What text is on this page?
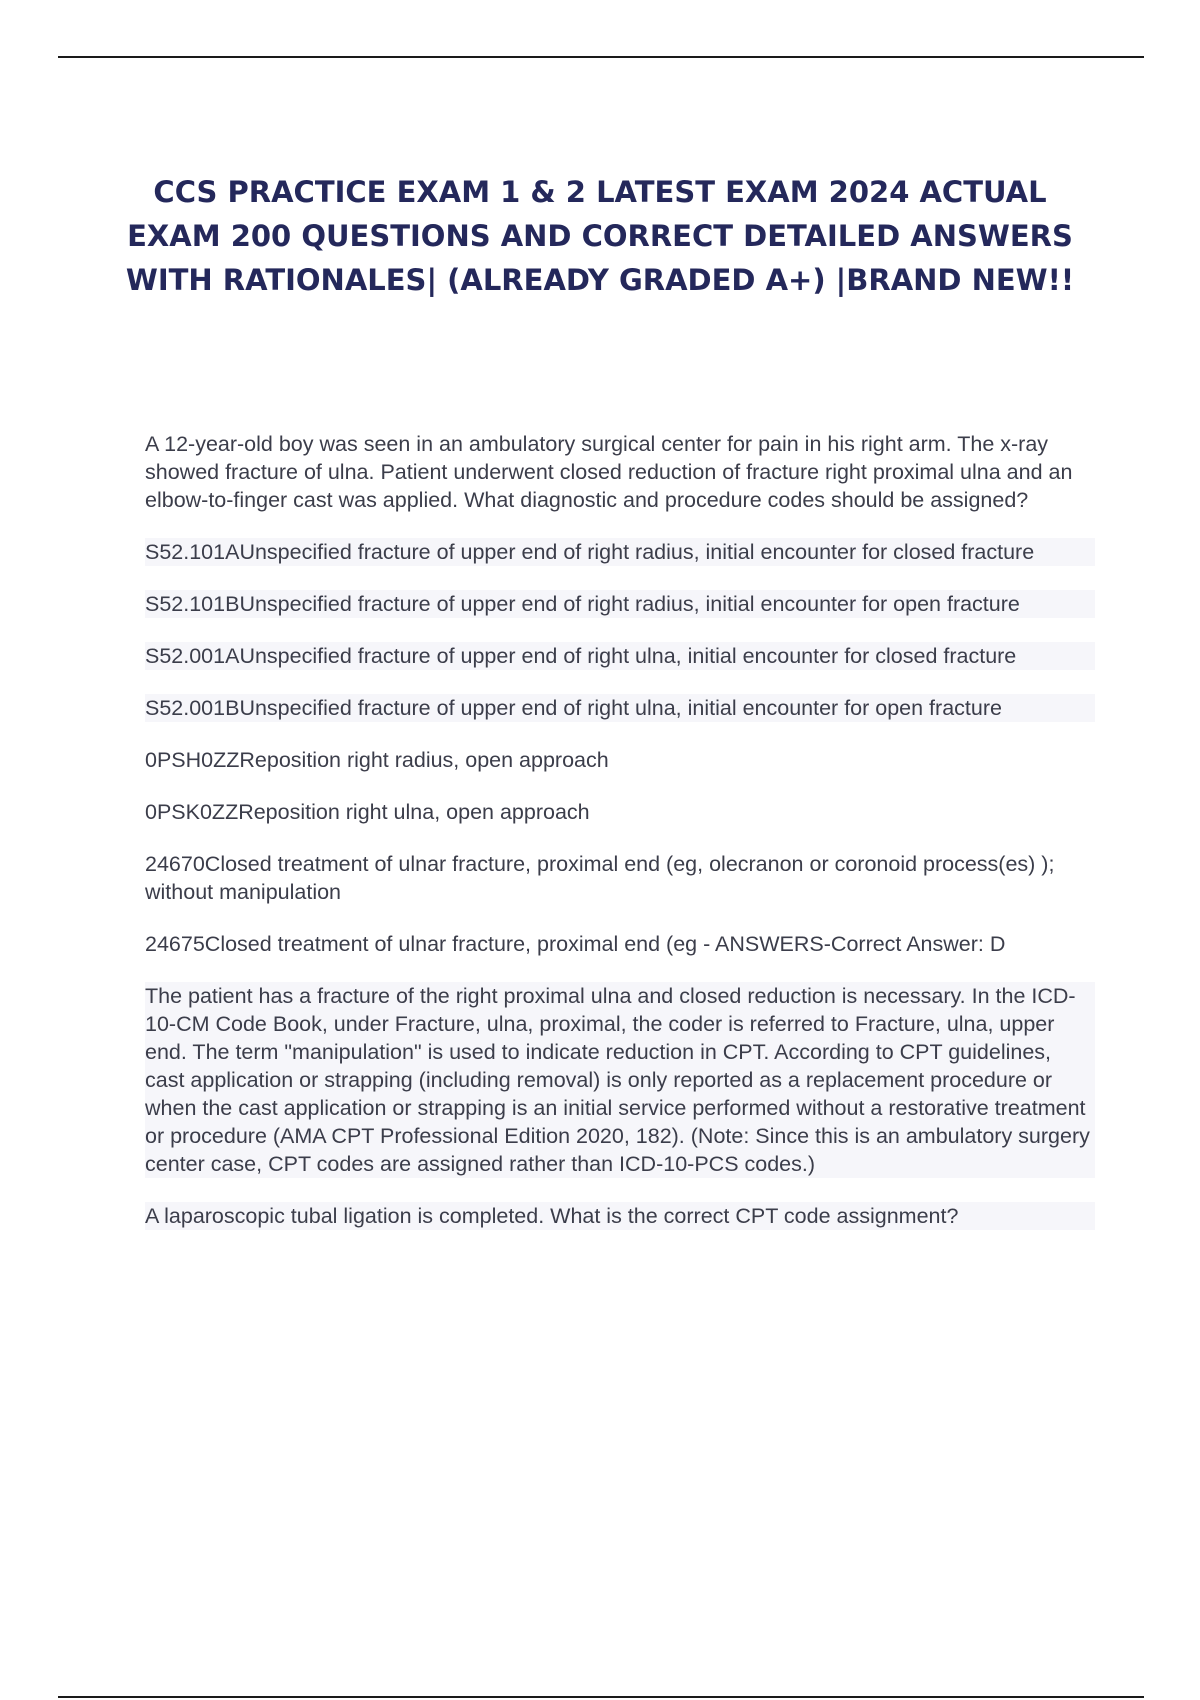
CCS PRACTICE EXAM 1 & 2 LATEST EXAM 2024 ACTUAL EXAM 200 QUESTIONS AND CORRECT DETAILED ANSWERS WITH RATIONALES| (ALREADY GRADED A+) |BRAND NEW!!

A 12-year-old boy was seen in an ambulatory surgical center for pain in his right arm. The x-ray showed fracture of ulna. Patient underwent closed reduction of fracture right proximal ulna and an elbow-to-finger cast was applied. What diagnostic and procedure codes should be assigned?

S52.101AUnspecified fracture of upper end of right radius, initial encounter for closed fracture

S52.101BUnspecified fracture of upper end of right radius, initial encounter for open fracture

S52.001AUnspecified fracture of upper end of right ulna, initial encounter for closed fracture

S52.001BUnspecified fracture of upper end of right ulna, initial encounter for open fracture

0PSH0ZZReposition right radius, open approach

0PSK0ZZReposition right ulna, open approach

24670Closed treatment of ulnar fracture, proximal end (eg, olecranon or coronoid process(es) ); without manipulation

24675Closed treatment of ulnar fracture, proximal end (eg - ANSWERS-Correct Answer: D

The patient has a fracture of the right proximal ulna and closed reduction is necessary. In the ICD-10-CM Code Book, under Fracture, ulna, proximal, the coder is referred to Fracture, ulna, upper end. The term "manipulation" is used to indicate reduction in CPT. According to CPT guidelines, cast application or strapping (including removal) is only reported as a replacement procedure or when the cast application or strapping is an initial service performed without a restorative treatment or procedure (AMA CPT Professional Edition 2020, 182). (Note: Since this is an ambulatory surgery center case, CPT codes are assigned rather than ICD-10-PCS codes.)

A laparoscopic tubal ligation is completed. What is the correct CPT code assignment?
